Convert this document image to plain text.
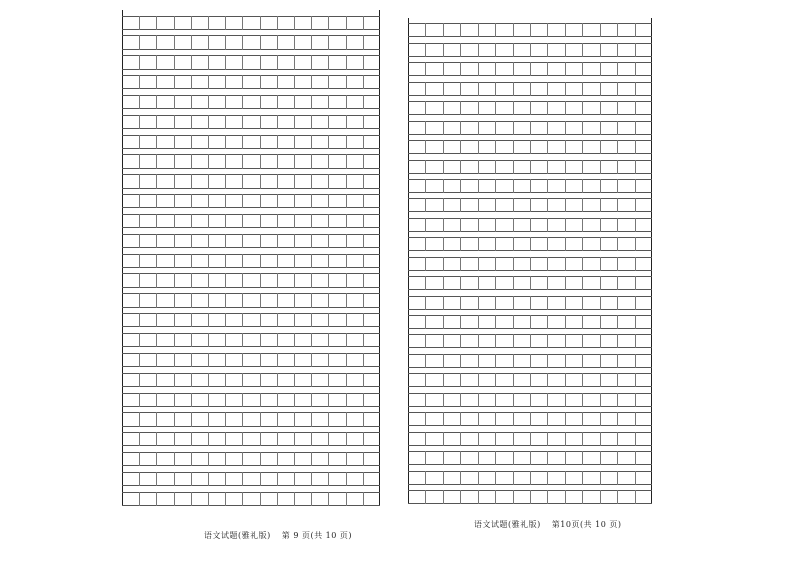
语文试题(雅礼版) 第 9 页(共 10 页)
语文试题(雅礼版) 第10页(共 10 页)
